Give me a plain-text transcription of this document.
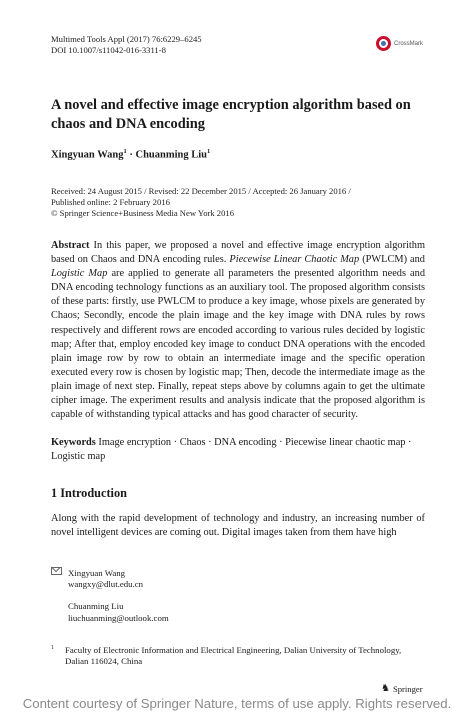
Multimed Tools Appl (2017) 76:6229–6245
DOI 10.1007/s11042-016-3311-8
CrossMark
A novel and effective image encryption algorithm based on chaos and DNA encoding
Xingyuan Wang$^1$ · Chuanming Liu$^1$
Received: 24 August 2015 / Revised: 22 December 2015 / Accepted: 26 January 2016 /
Published online: 2 February 2016
© Springer Science+Business Media New York 2016
Abstract In this paper, we proposed a novel and effective image encryption algorithm based on Chaos and DNA encoding rules. Piecewise Linear Chaotic Map (PWLCM) and Logistic Map are applied to generate all parameters the presented algorithm needs and DNA encoding technology functions as an auxiliary tool. The proposed algorithm consists of these parts: firstly, use PWLCM to produce a key image, whose pixels are generated by Chaos; Secondly, encode the plain image and the key image with DNA rules by rows respectively and different rows are encoded according to various rules decided by logistic map; After that, employ encoded key image to conduct DNA operations with the encoded plain image row by row to obtain an intermediate image and the specific operation executed every row is chosen by logistic map; Then, decode the intermediate image as the plain image of next step. Finally, repeat steps above by columns again to get the ultimate cipher image. The experiment results and analysis indicate that the proposed algorithm is capable of withstanding typical attacks and has good character of security.
Keywords Image encryption · Chaos · DNA encoding · Piecewise linear chaotic map · Logistic map
1 Introduction
Along with the rapid development of technology and industry, an increasing number of novel intelligent devices are coming out. Digital images taken from them have high
Xingyuan Wang
wangxy@dlut.edu.cn
Chuanming Liu
liuchuanming@outlook.com
$^1$ Faculty of Electronic Information and Electrical Engineering, Dalian University of Technology,
Dalian 116024, China
♞ Springer
Content courtesy of Springer Nature, terms of use apply. Rights reserved.
